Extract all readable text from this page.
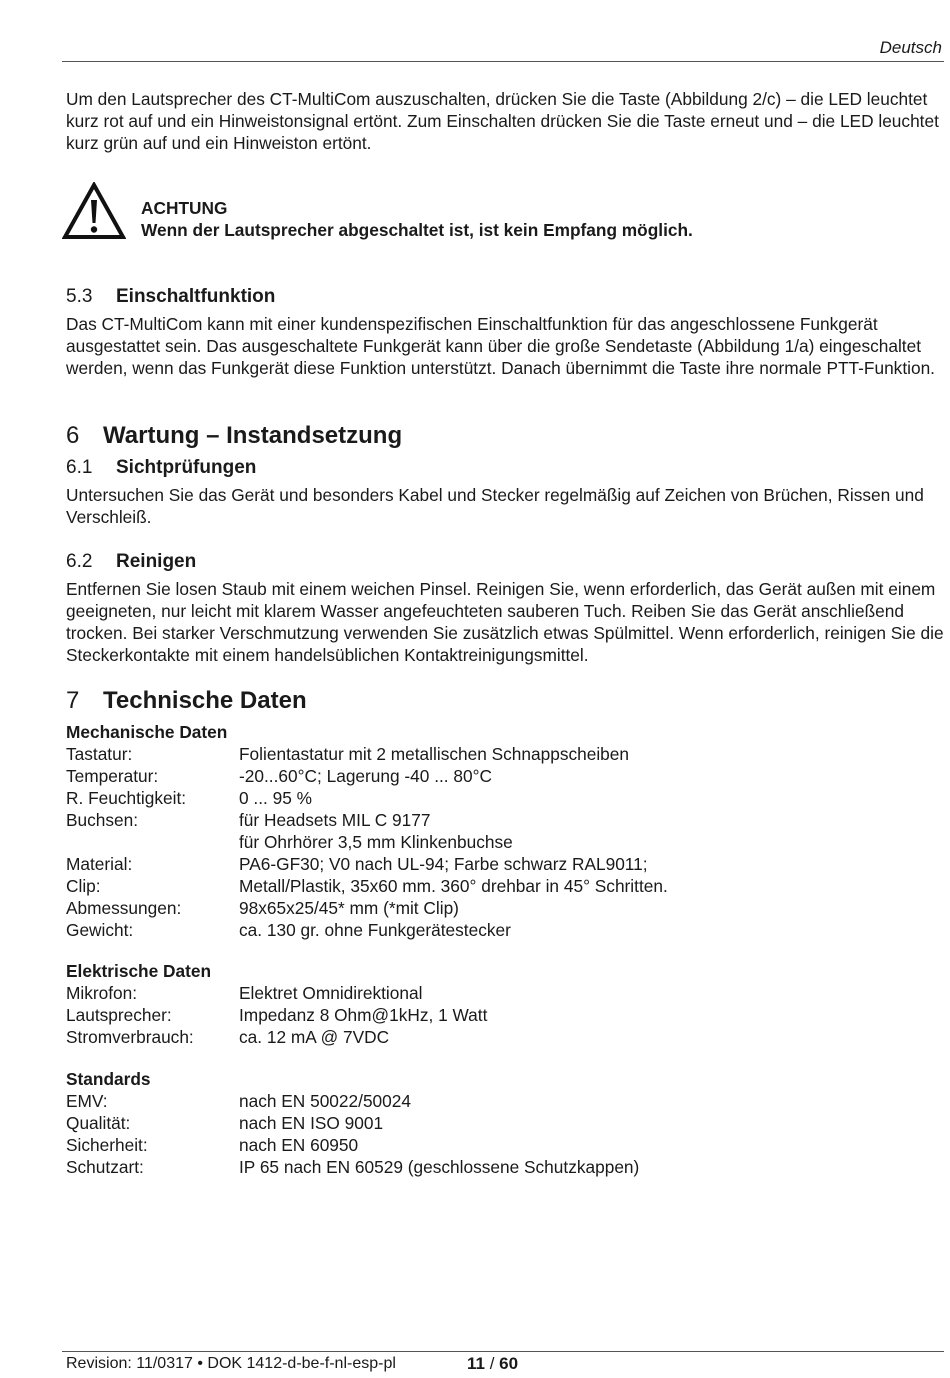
Deutsch

Um den Lautsprecher des CT-MultiCom auszuschalten, drücken Sie die Taste (Abbildung 2/c) – die LED leuchtet kurz rot auf und ein Hinweistonsignal ertönt. Zum Einschalten drücken Sie die Taste erneut und – die LED leuchtet kurz grün auf und ein Hinweiston ertönt.

ACHTUNG
Wenn der Lautsprecher abgeschaltet ist, ist kein Empfang möglich.
5.3 Einschaltfunktion

Das CT-MultiCom kann mit einer kundenspezifischen Einschaltfunktion für das angeschlossene Funkgerät ausgestattet sein. Das ausgeschaltete Funkgerät kann über die große Sendetaste (Abbildung 1/a) eingeschaltet werden, wenn das Funkgerät diese Funktion unterstützt. Danach übernimmt die Taste ihre normale PTT-Funktion.

6 Wartung – Instandsetzung
6.1 Sichtprüfungen

Untersuchen Sie das Gerät und besonders Kabel und Stecker regelmäßig auf Zeichen von Brüchen, Rissen und Verschleiß.

6.2 Reinigen

Entfernen Sie losen Staub mit einem weichen Pinsel. Reinigen Sie, wenn erforderlich, das Gerät außen mit einem geeigneten, nur leicht mit klarem Wasser angefeuchteten sauberen Tuch. Reiben Sie das Gerät anschließend trocken. Bei starker Verschmutzung verwenden Sie zusätzlich etwas Spülmittel. Wenn erforderlich, reinigen Sie die Steckerkontakte mit einem handelsüblichen Kontaktreinigungsmittel.

7 Technische Daten
Mechanische Daten
Tastatur:	Folientastatur mit 2 metallischen Schnappscheiben
Temperatur:	-20...60°C; Lagerung -40 ... 80°C
R. Feuchtigkeit:	0 ... 95 %
Buchsen:	für Headsets MIL C 9177
für Ohrhörer 3,5 mm Klinkenbuchse
Material:	PA6-GF30; V0 nach UL-94; Farbe schwarz RAL9011;
Clip:	Metall/Plastik, 35x60 mm. 360° drehbar in 45° Schritten.
Abmessungen:	98x65x25/45* mm (*mit Clip)
Gewicht:	ca. 130 gr. ohne Funkgerätestecker
Elektrische Daten
Mikrofon:	Elektret Omnidirektional
Lautsprecher:	Impedanz 8 Ohm@1kHz, 1 Watt
Stromverbrauch:	ca. 12 mA @ 7VDC
Standards
EMV:	nach EN 50022/50024
Qualität:	nach EN ISO 9001
Sicherheit:	nach EN 60950
Schutzart:	IP 65 nach EN 60529 (geschlossene Schutzkappen)
Revision: 11/0317 • DOK 1412-d-be-f-nl-esp-pl	11 / 60
